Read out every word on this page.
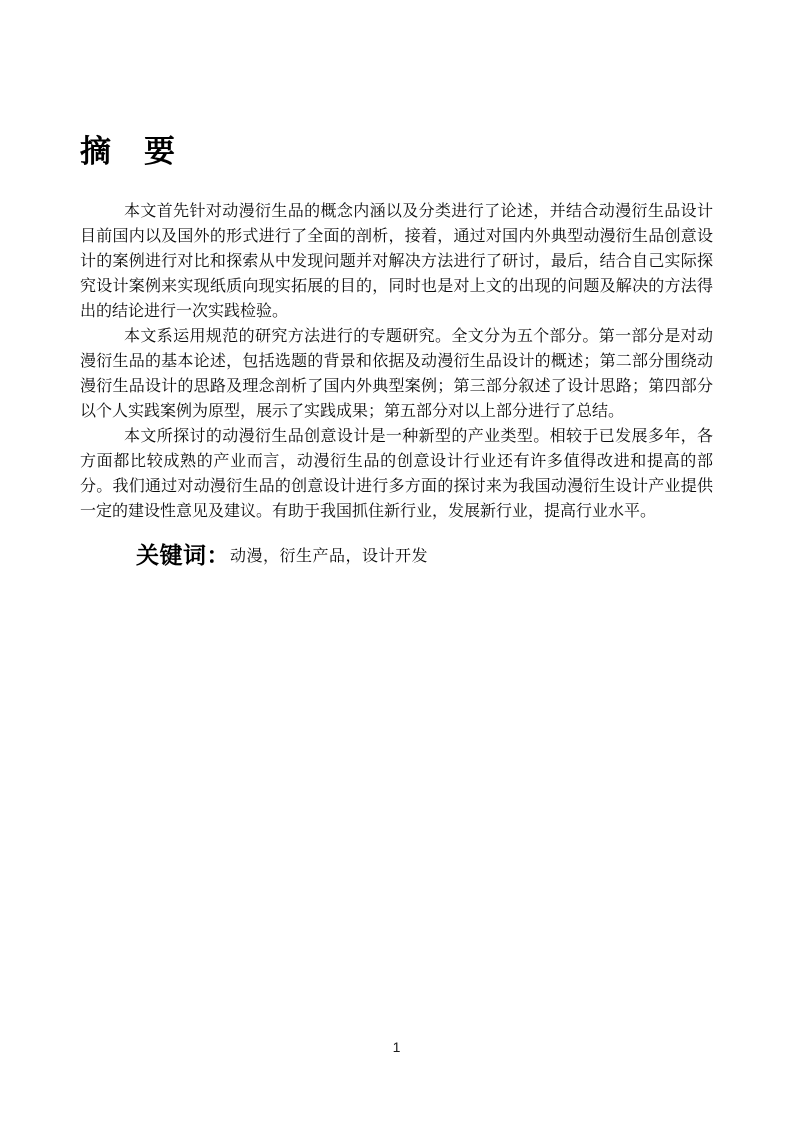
摘　要

本文首先针对动漫衍生品的概念内涵以及分类进行了论述，并结合动漫衍生品设计目前国内以及国外的形式进行了全面的剖析，接着，通过对国内外典型动漫衍生品创意设计的案例进行对比和探索从中发现问题并对解决方法进行了研讨，最后，结合自己实际探究设计案例来实现纸质向现实拓展的目的，同时也是对上文的出现的问题及解决的方法得出的结论进行一次实践检验。

本文系运用规范的研究方法进行的专题研究。全文分为五个部分。第一部分是对动漫衍生品的基本论述，包括选题的背景和依据及动漫衍生品设计的概述；第二部分围绕动漫衍生品设计的思路及理念剖析了国内外典型案例；第三部分叙述了设计思路；第四部分以个人实践案例为原型，展示了实践成果；第五部分对以上部分进行了总结。

本文所探讨的动漫衍生品创意设计是一种新型的产业类型。相较于已发展多年，各方面都比较成熟的产业而言，动漫衍生品的创意设计行业还有许多值得改进和提高的部分。我们通过对动漫衍生品的创意设计进行多方面的探讨来为我国动漫衍生设计产业提供一定的建设性意见及建议。有助于我国抓住新行业，发展新行业，提高行业水平。

关键词：动漫，衍生产品，设计开发
1
